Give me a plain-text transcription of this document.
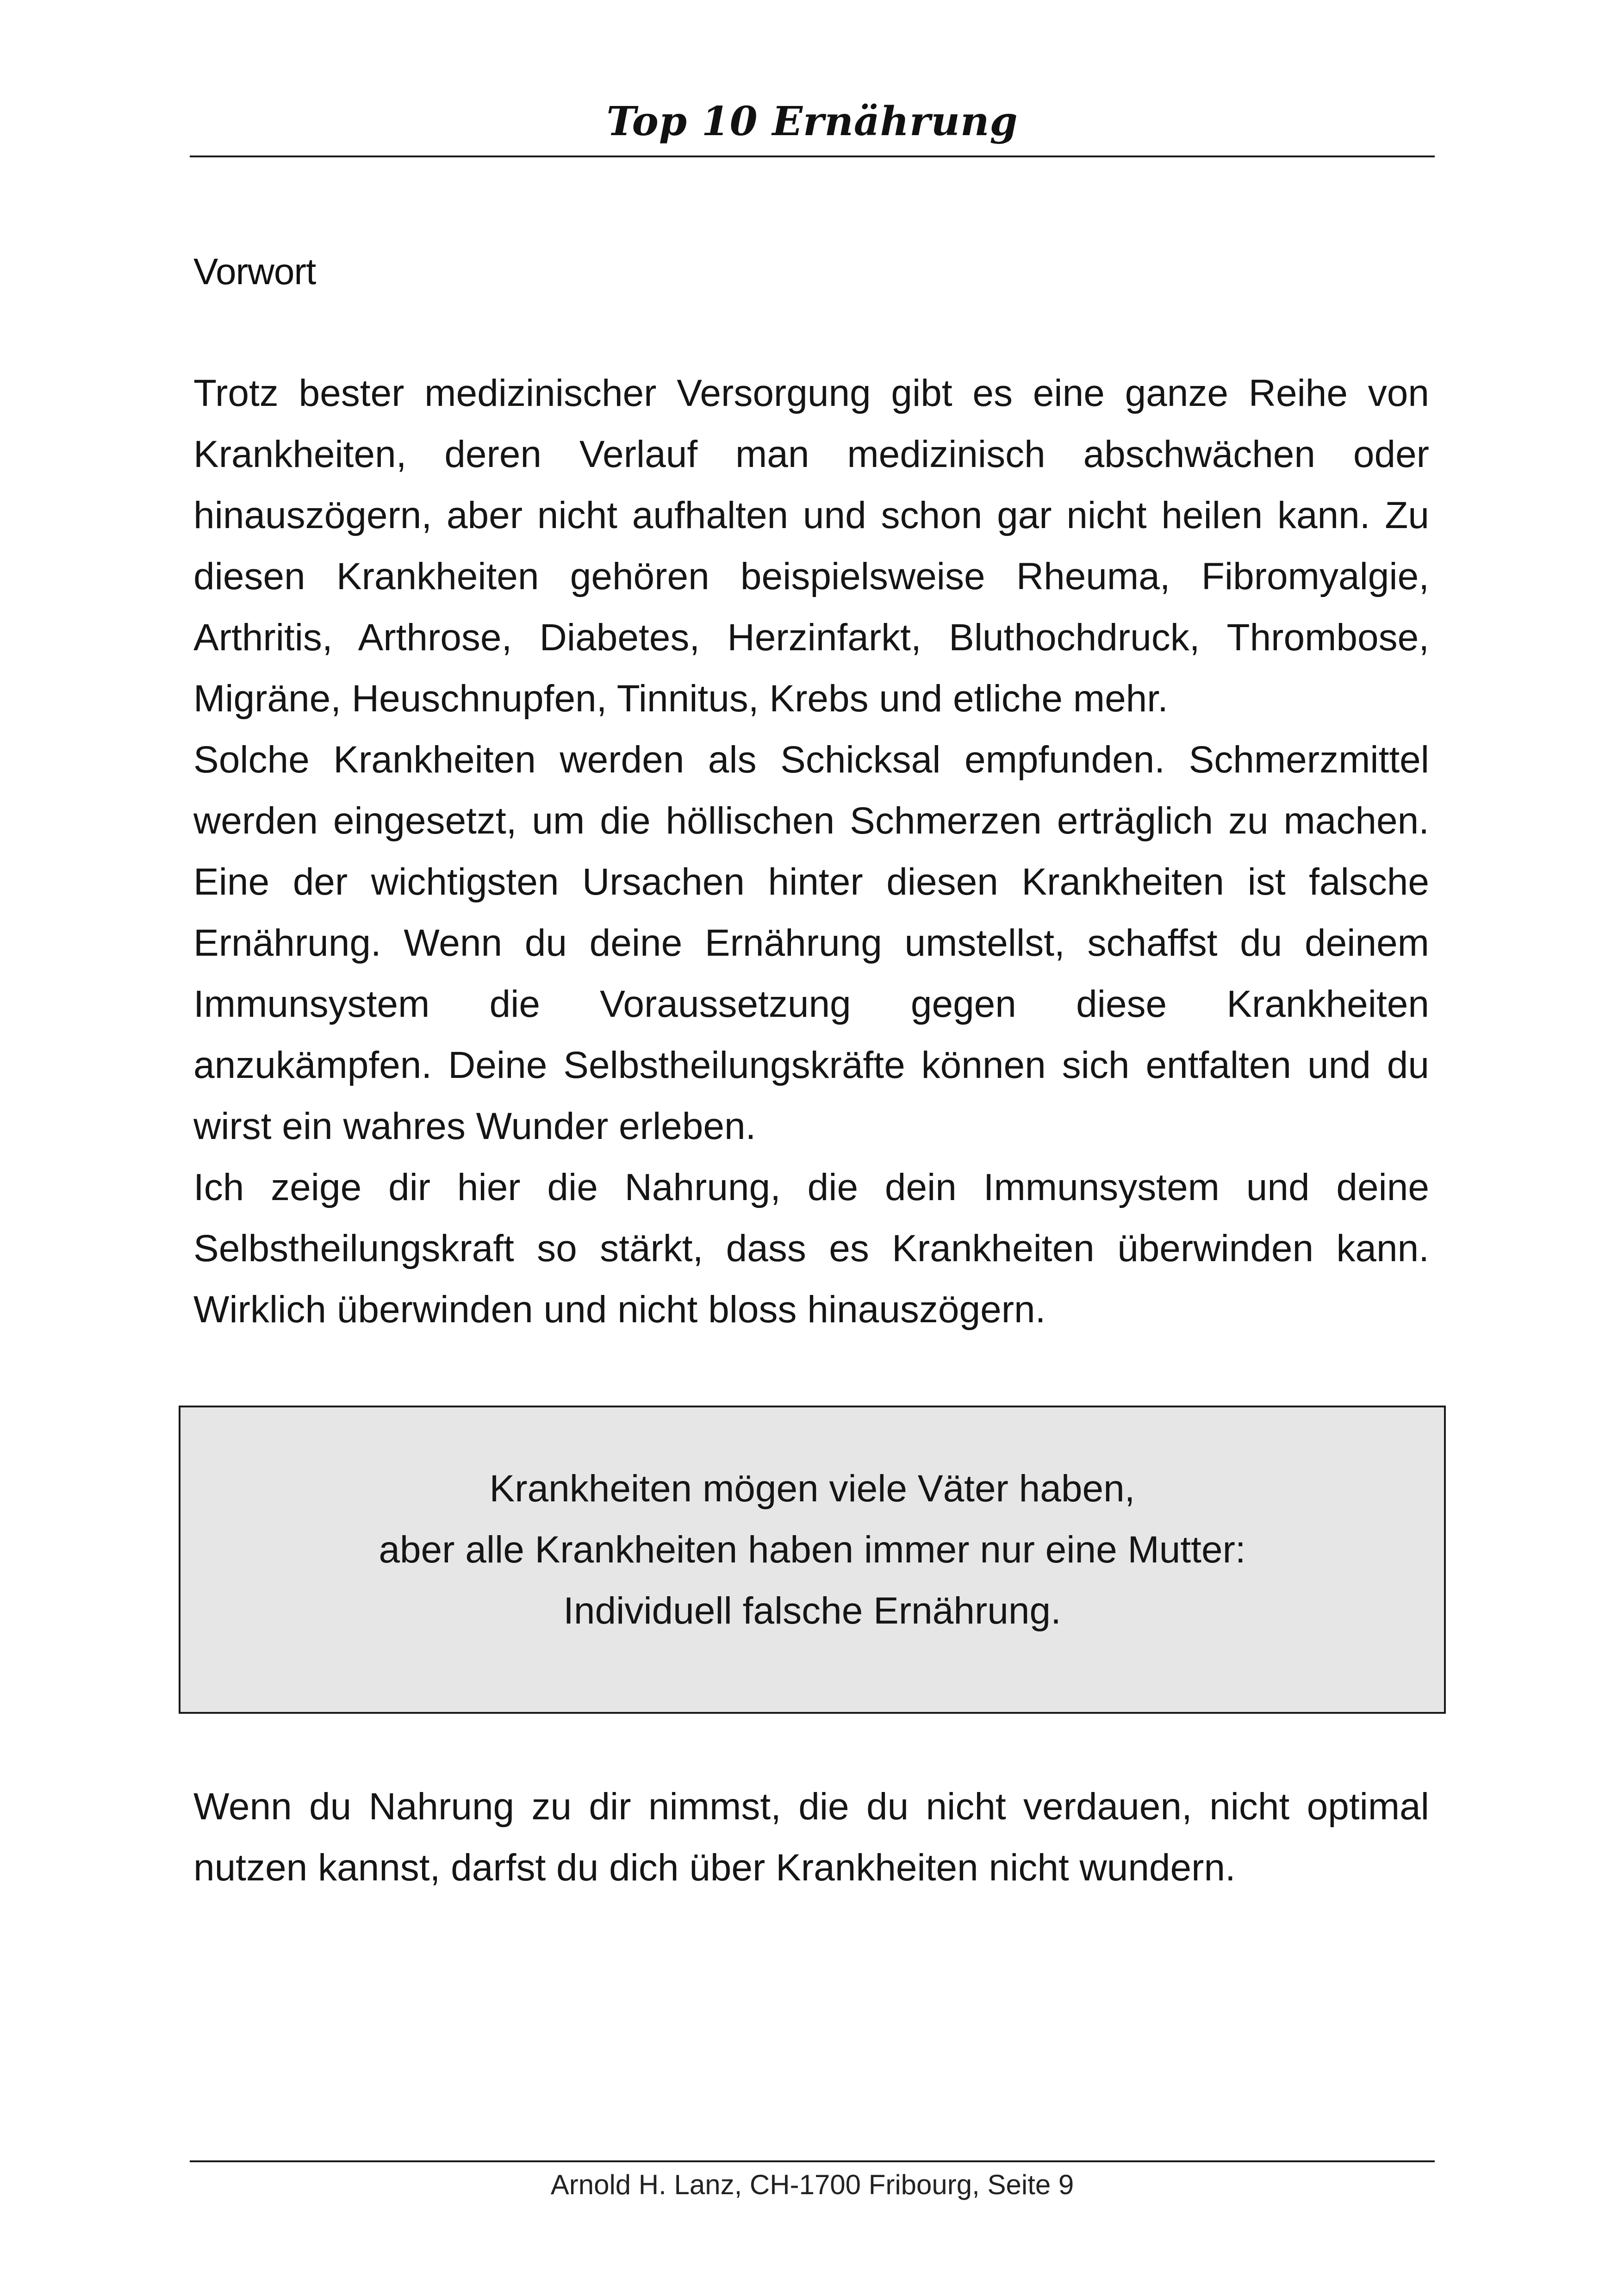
Top 10 Ernährung
Vorwort

Trotz bester medizinischer Versorgung gibt es eine ganze Reihe von Krankheiten, deren Verlauf man medizinisch abschwächen oder hinauszögern, aber nicht aufhalten und schon gar nicht heilen kann. Zu diesen Krankheiten gehören beispielsweise Rheuma, Fibromyalgie, Arthritis, Arthrose, Diabetes, Herzinfarkt, Bluthochdruck, Thrombose, Migräne, Heuschnupfen, Tinnitus, Krebs und etliche mehr.

Solche Krankheiten werden als Schicksal empfunden. Schmerzmittel werden eingesetzt, um die höllischen Schmerzen erträglich zu machen. Eine der wichtigsten Ursachen hinter diesen Krankheiten ist falsche Ernährung. Wenn du deine Ernährung umstellst, schaffst du deinem Immunsystem die Voraussetzung gegen diese Krankheiten anzukämpfen. Deine Selbstheilungskräfte können sich entfalten und du wirst ein wahres Wunder erleben.

Ich zeige dir hier die Nahrung, die dein Immunsystem und deine Selbstheilungskraft so stärkt, dass es Krankheiten überwinden kann. Wirklich überwinden und nicht bloss hinauszögern.

Krankheiten mögen viele Väter haben,
aber alle Krankheiten haben immer nur eine Mutter:
Individuell falsche Ernährung.

Wenn du Nahrung zu dir nimmst, die du nicht verdauen, nicht optimal nutzen kannst, darfst du dich über Krankheiten nicht wundern.

Arnold H. Lanz, CH-1700 Fribourg, Seite 9
